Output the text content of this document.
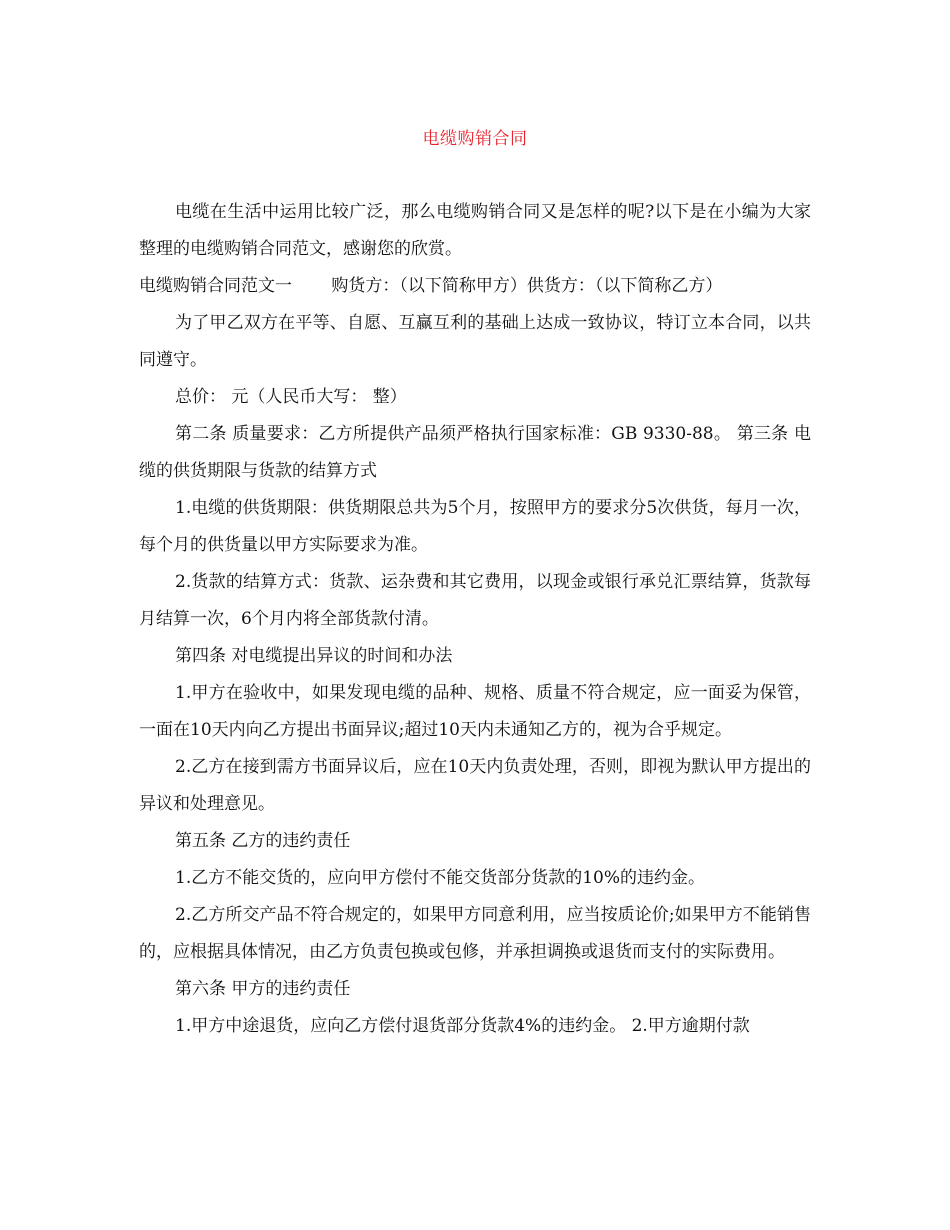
电缆购销合同

电缆在生活中运用比较广泛，那么电缆购销合同又是怎样的呢?以下是在小编为大家整理的电缆购销合同范文，感谢您的欣赏。

电缆购销合同范文一　　 购货方：（以下简称甲方）供货方：（以下简称乙方）

为了甲乙双方在平等、自愿、互赢互利的基础上达成一致协议，特订立本合同，以共同遵守。

总价： 元（人民币大写： 整）

第二条 质量要求：乙方所提供产品须严格执行国家标准：GB 9330-88。 第三条 电缆的供货期限与货款的结算方式

1.电缆的供货期限：供货期限总共为5个月，按照甲方的要求分5次供货，每月一次，每个月的供货量以甲方实际要求为准。

2.货款的结算方式：货款、运杂费和其它费用，以现金或银行承兑汇票结算，货款每月结算一次，6个月内将全部货款付清。

第四条 对电缆提出异议的时间和办法

1.甲方在验收中，如果发现电缆的品种、规格、质量不符合规定，应一面妥为保管，一面在10天内向乙方提出书面异议;超过10天内未通知乙方的，视为合乎规定。

2.乙方在接到需方书面异议后，应在10天内负责处理，否则，即视为默认甲方提出的异议和处理意见。

第五条 乙方的违约责任

1.乙方不能交货的，应向甲方偿付不能交货部分货款的10%的违约金。

2.乙方所交产品不符合规定的，如果甲方同意利用，应当按质论价;如果甲方不能销售的，应根据具体情况，由乙方负责包换或包修，并承担调换或退货而支付的实际费用。

第六条 甲方的违约责任

1.甲方中途退货，应向乙方偿付退货部分货款4%的违约金。 2.甲方逾期付款
